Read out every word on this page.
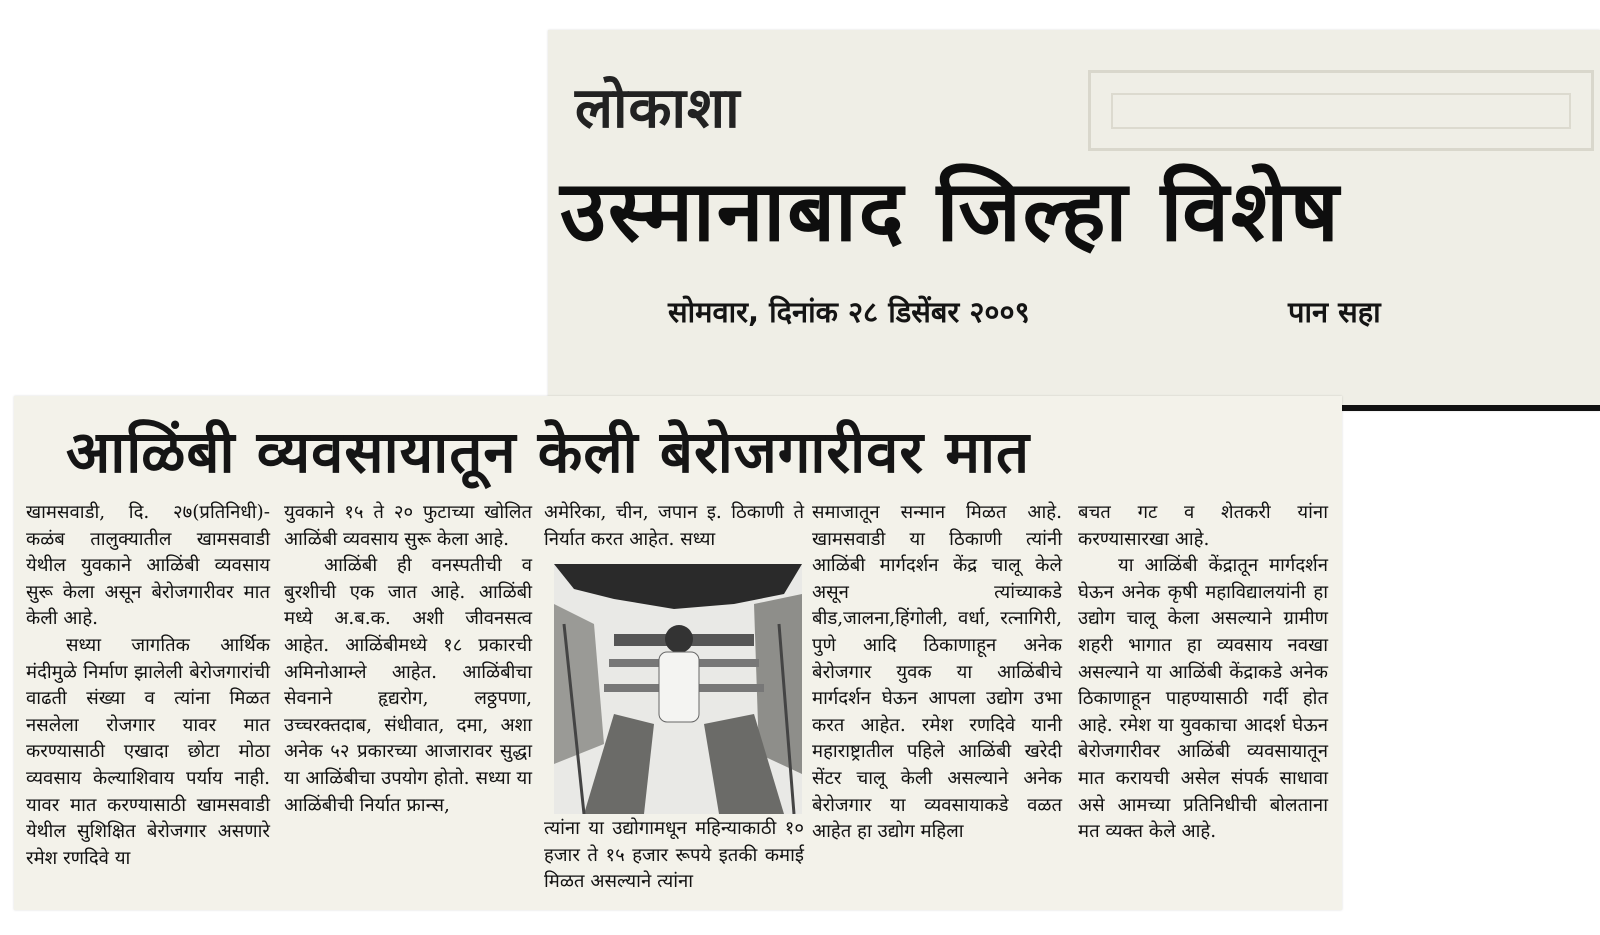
लोकाशा
उस्मानाबाद जिल्हा विशेष
सोमवार, दिनांक २८ डिसेंबर २००९	पान सहा
आळिंबी व्यवसायातून केली बेरोजगारीवर मात

खामसवाडी, दि. २७(प्रतिनिधी)-कळंब तालुक्यातील खामसवाडी येथील युवकाने आळिंबी व्यवसाय सुरू केला असून बेरोजगारीवर मात केली आहे.

सध्या जागतिक आर्थिक मंदीमुळे निर्माण झालेली बेरोजगारांची वाढती संख्या व त्यांना मिळत नसलेला रोजगार यावर मात करण्यासाठी एखादा छोटा मोठा व्यवसाय केल्याशिवाय पर्याय नाही. यावर मात करण्यासाठी खामसवाडी येथील सुशिक्षित बेरोजगार असणारे रमेश रणदिवे या

युवकाने १५ ते २० फुटाच्या खोलित आळिंबी व्यवसाय सुरू केला आहे.

आळिंबी ही वनस्पतीची व बुरशीची एक जात आहे. आळिंबी मध्ये अ.ब.क. अशी जीवनसत्व आहेत. आळिंबीमध्ये १८ प्रकारची अमिनोआम्ले आहेत. आळिंबीचा सेवनाने हृद्यरोग, लठ्ठपणा, उच्चरक्तदाब, संधीवात, दमा, अशा अनेक ५२ प्रकारच्या आजारावर सुद्धा या आळिंबीचा उपयोग होतो. सध्या या आळिंबीची निर्यात फ्रान्स,

अमेरिका, चीन, जपान इ. ठिकाणी ते निर्यात करत आहेत. सध्या

त्यांना या उद्योगामधून महिन्याकाठी १० हजार ते १५ हजार रूपये इतकी कमाई मिळत असल्याने त्यांना

समाजातून सन्मान मिळत आहे. खामसवाडी या ठिकाणी त्यांनी आळिंबी मार्गदर्शन केंद्र चालू केले असून त्यांच्याकडे बीड,जालना,हिंगोली, वर्धा, रत्नागिरी, पुणे आदि ठिकाणाहून अनेक बेरोजगार युवक या आळिंबीचे मार्गदर्शन घेऊन आपला उद्योग उभा करत आहेत. रमेश रणदिवे यानी महाराष्ट्रातील पहिले आळिंबी खरेदी सेंटर चालू केली असल्याने अनेक बेरोजगार या व्यवसायाकडे वळत आहेत हा उद्योग महिला

बचत गट व शेतकरी यांना करण्यासारखा आहे.

या आळिंबी केंद्रातून मार्गदर्शन घेऊन अनेक कृषी महाविद्यालयांनी हा उद्योग चालू केला असल्याने ग्रामीण शहरी भागात हा व्यवसाय नवखा असल्याने या आळिंबी केंद्राकडे अनेक ठिकाणाहून पाहण्यासाठी गर्दी होत आहे. रमेश या युवकाचा आदर्श घेऊन बेरोजगारीवर आळिंबी व्यवसायातून मात करायची असेल संपर्क साधावा असे आमच्या प्रतिनिधीची बोलताना मत व्यक्त केले आहे.
